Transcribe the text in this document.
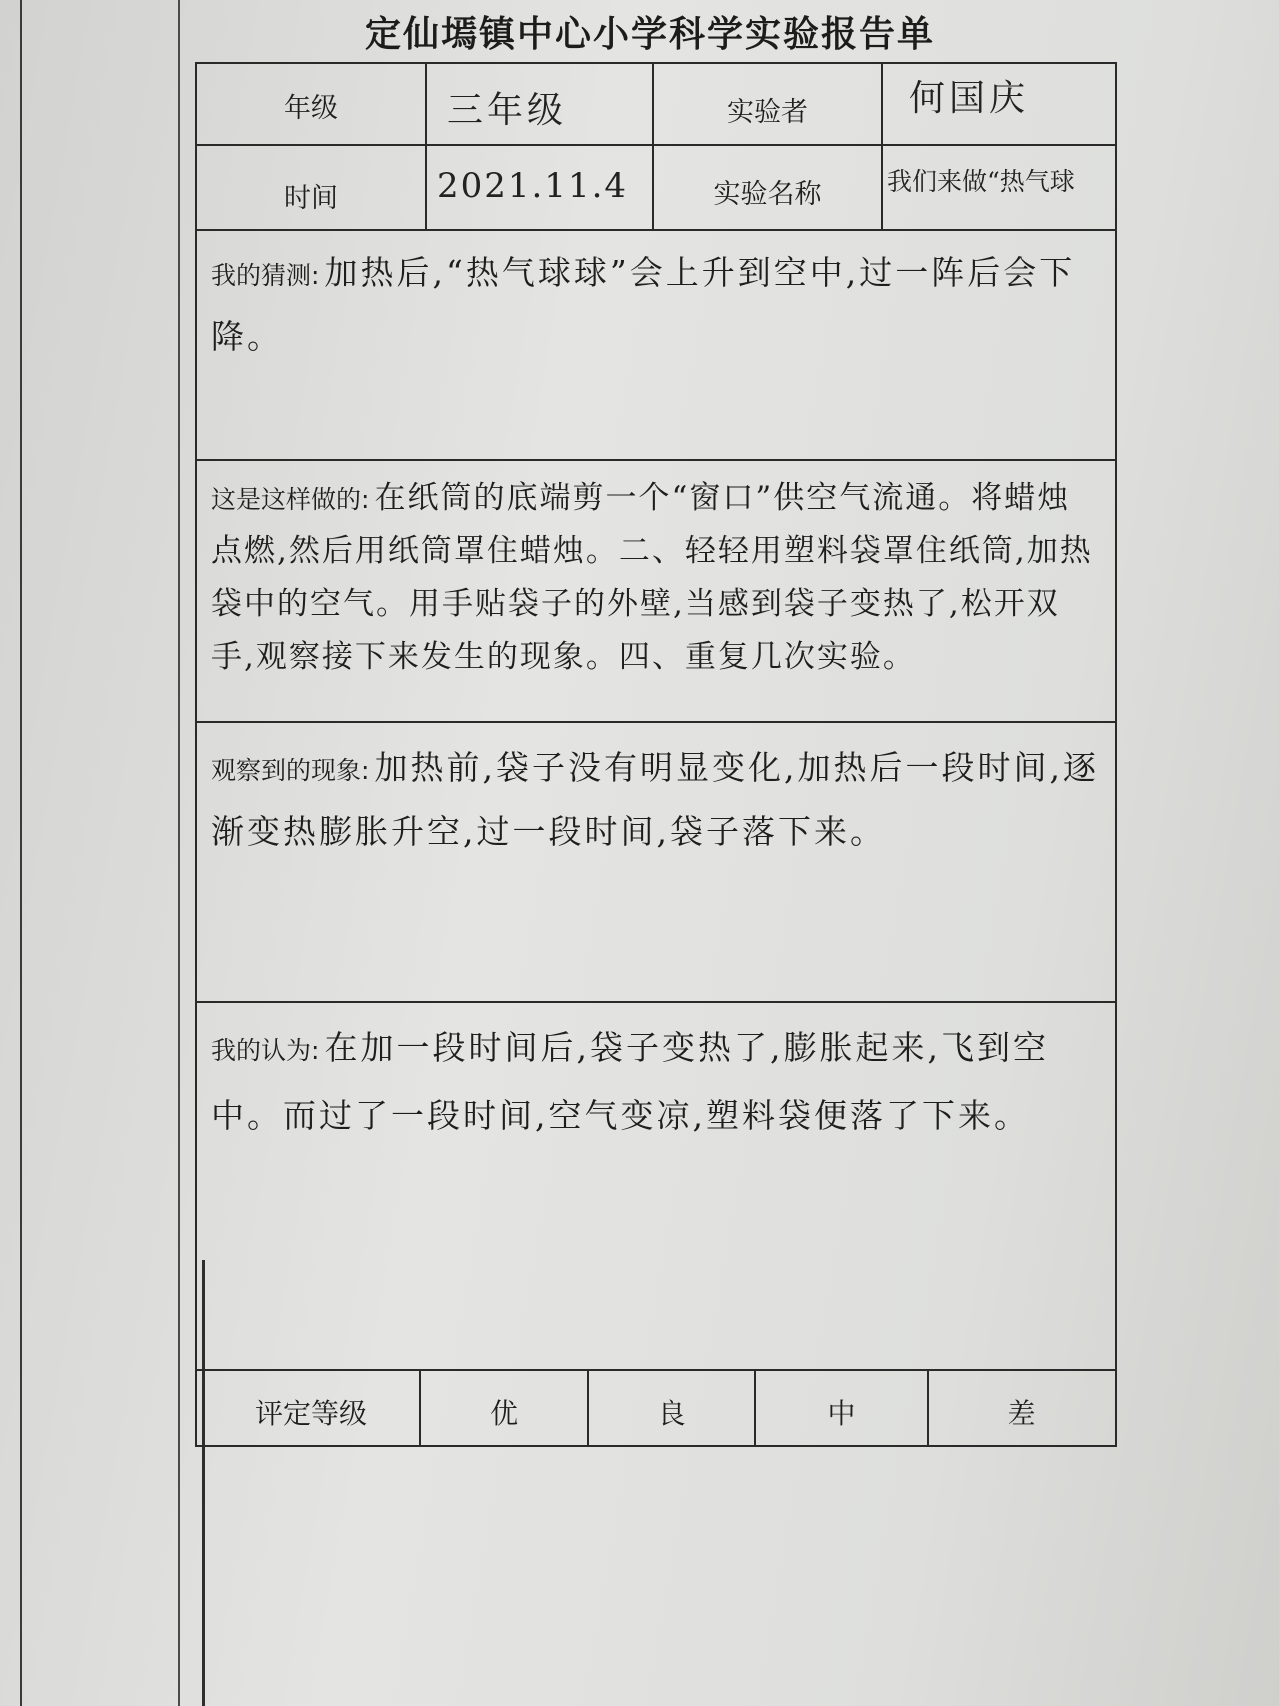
定仙墕镇中心小学科学实验报告单
年级	三年级	实验者	何国庆
时间	2021.11.4	实验名称	我们来做“热气球

我的猜测: 加热后,“热气球球”会上升到空中,过一阵后会下降。

这是这样做的: 在纸筒的底端剪一个“窗口”供空气流通。将蜡烛点燃,然后用纸筒罩住蜡烛。二、轻轻用塑料袋罩住纸筒,加热袋中的空气。用手贴袋子的外壁,当感到袋子变热了,松开双手,观察接下来发生的现象。四、重复几次实验。

观察到的现象: 加热前,袋子没有明显变化,加热后一段时间,逐渐变热膨胀升空,过一段时间,袋子落下来。

我的认为: 在加一段时间后,袋子变热了,膨胀起来,飞到空中。而过了一段时间,空气变凉,塑料袋便落了下来。

评定等级	优	良	中	差
